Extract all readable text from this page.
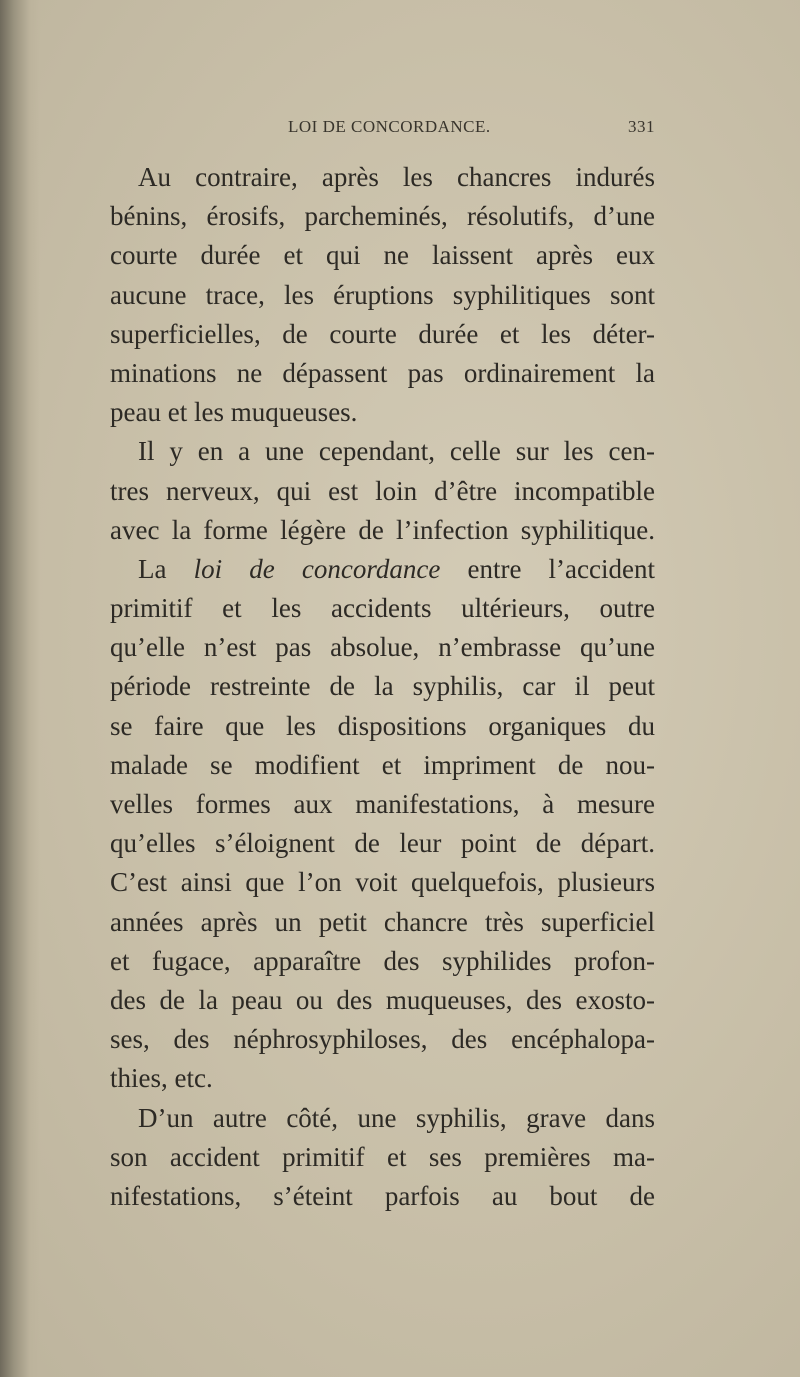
LOI DE CONCORDANCE.	331
Au contraire, après les chancres indurés
bénins, érosifs, parcheminés, résolutifs, d’une
courte durée et qui ne laissent après eux
aucune trace, les éruptions syphilitiques sont
superficielles, de courte durée et les déter-
minations ne dépassent pas ordinairement la
peau et les muqueuses.
Il y en a une cependant, celle sur les cen-
tres nerveux, qui est loin d’être incompatible
avec la forme légère de l’infection syphilitique.
La loi de concordance entre l’accident
primitif et les accidents ultérieurs, outre
qu’elle n’est pas absolue, n’embrasse qu’une
période restreinte de la syphilis, car il peut
se faire que les dispositions organiques du
malade se modifient et impriment de nou-
velles formes aux manifestations, à mesure
qu’elles s’éloignent de leur point de départ.
C’est ainsi que l’on voit quelquefois, plusieurs
années après un petit chancre très superficiel
et fugace, apparaître des syphilides profon-
des de la peau ou des muqueuses, des exosto-
ses, des néphrosyphiloses, des encéphalopa-
thies, etc.
D’un autre côté, une syphilis, grave dans
son accident primitif et ses premières ma-
nifestations, s’éteint parfois au bout de
